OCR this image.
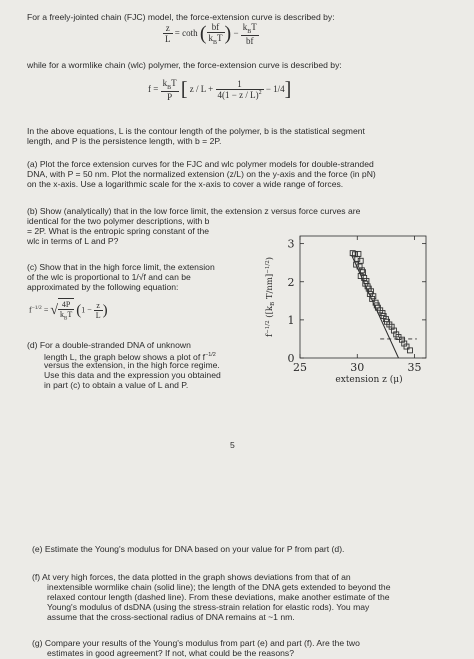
For a freely-jointed chain (FJC) model, the force-extension curve is described by:
$\frac{z}{L} = \cot h$ ( $\frac{bf}{k_BT}$ ) − $\frac{k_BT}{bf}$
while for a wormlike chain (wlc) polymer, the force-extension curve is described by:
$f = \frac{k_BT}{P}$ [ $z / L + \frac{1}{4(1 - z / L)^2} - 1/4$]
In the above equations, L is the contour length of the polymer, b is the statistical segment
length, and P is the persistence length, with b = 2P.
(a) Plot the force extension curves for the FJC and wlc polymer models for double-stranded
DNA, with P = 50 nm. Plot the normalized extension (z/L) on the y-axis and the force (in pN)
on the x-axis. Use a logarithmic scale for the x-axis to cover a wide range of forces.
(b) Show (analytically) that in the low force limit, the extension z versus force curves are
identical for the two polymer descriptions, with b
= 2P. What is the entropic spring constant of the
wlc in terms of L and P?
(c) Show that in the high force limit, the extension
of the wlc is proportional to 1/√f and can be
approximated by the following equation:
$f^{-1/2}$ = √ $\frac{4P}{k_BT} (1 - \frac{z}{L}$ )
(d) For a double-stranded DNA of unknown
length L, the graph below shows a plot of $f^{-1/2}$
versus the extension, in the high force regime.
Use this data and the expression you obtained
in part (c) to obtain a value of L and P.
0
1
2
3
25	30	35
extension z (μ)
$f^{-1/2}$ ([$k_B$ T/nm]$^{-1/2}$)
5
(e) Estimate the Young's modulus for DNA based on your value for P from part (d).
(f) At very high forces, the data plotted in the graph shows deviations from that of an
inextensible wormlike chain (solid line); the length of the DNA gets extended to beyond the
relaxed contour length (dashed line). From these deviations, make another estimate of the
Young's modulus of dsDNA (using the stress-strain relation for elastic rods). You may
assume that the cross-sectional radius of DNA remains at ~1 nm.
(g) Compare your results of the Young's modulus from part (e) and part (f). Are the two
estimates in good agreement? If not, what could be the reasons?
